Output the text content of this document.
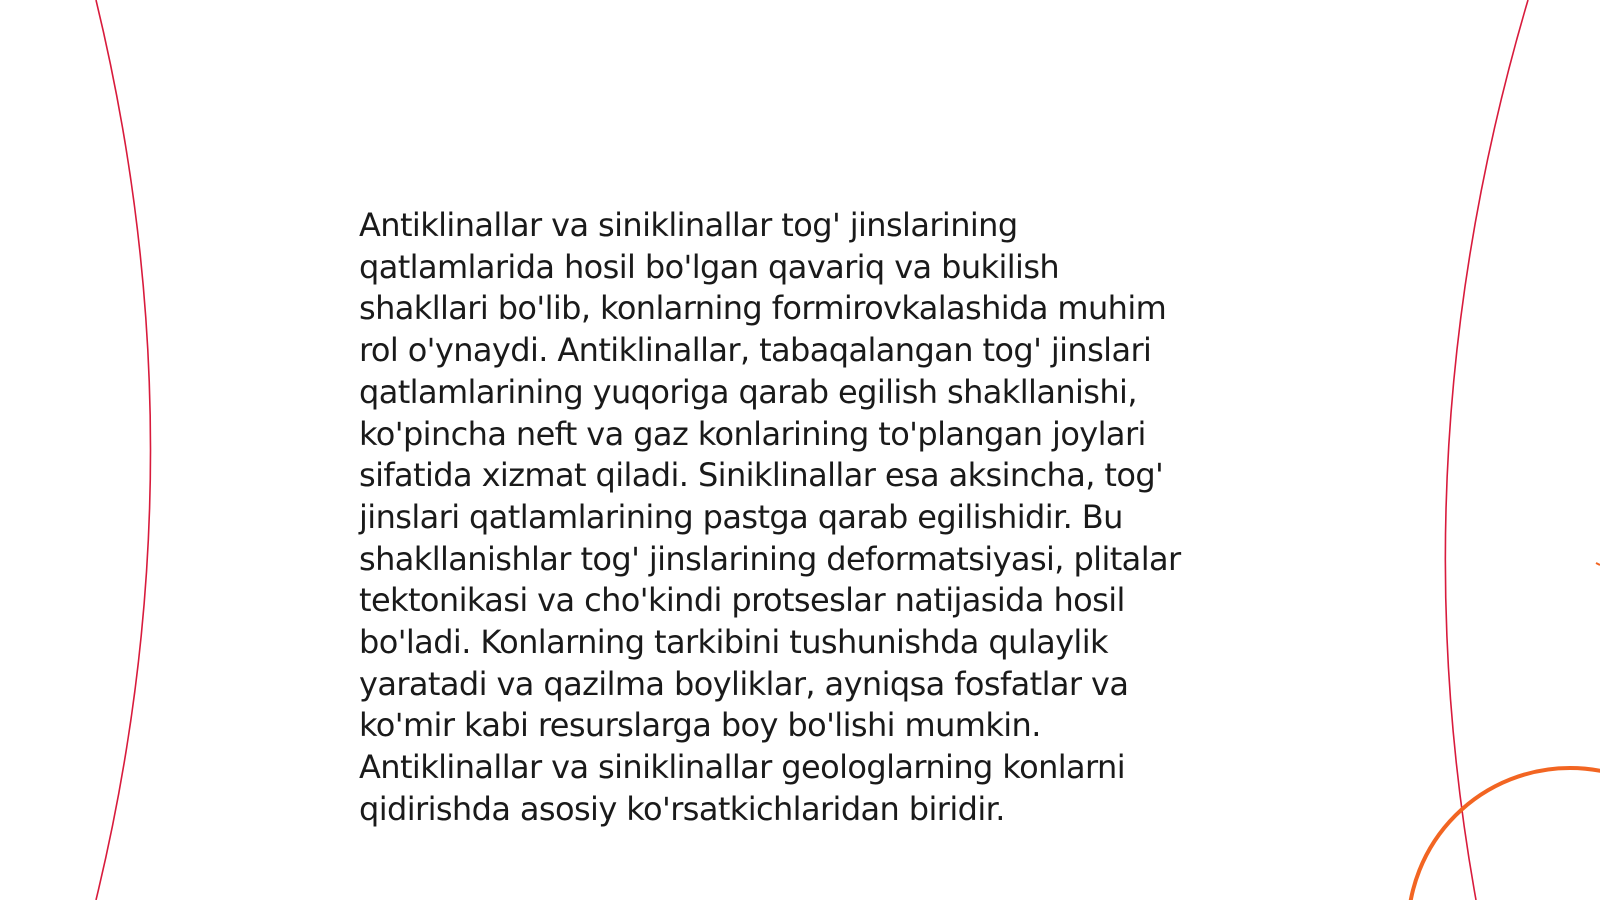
Antiklinallar va siniklinallar tog' jinslarining
qatlamlarida hosil bo'lgan qavariq va bukilish
shakllari bo'lib, konlarning formirovkalashida muhim
rol o'ynaydi. Antiklinallar, tabaqalangan tog' jinslari
qatlamlarining yuqoriga qarab egilish shakllanishi,
ko'pincha neft va gaz konlarining to'plangan joylari
sifatida xizmat qiladi. Siniklinallar esa aksincha, tog'
jinslari qatlamlarining pastga qarab egilishidir. Bu
shakllanishlar tog' jinslarining deformatsiyasi, plitalar
tektonikasi va cho'kindi protseslar natijasida hosil
bo'ladi. Konlarning tarkibini tushunishda qulaylik
yaratadi va qazilma boyliklar, ayniqsa fosfatlar va
ko'mir kabi resurslarga boy bo'lishi mumkin.
Antiklinallar va siniklinallar geologlarning konlarni
qidirishda asosiy ko'rsatkichlaridan biridir.
